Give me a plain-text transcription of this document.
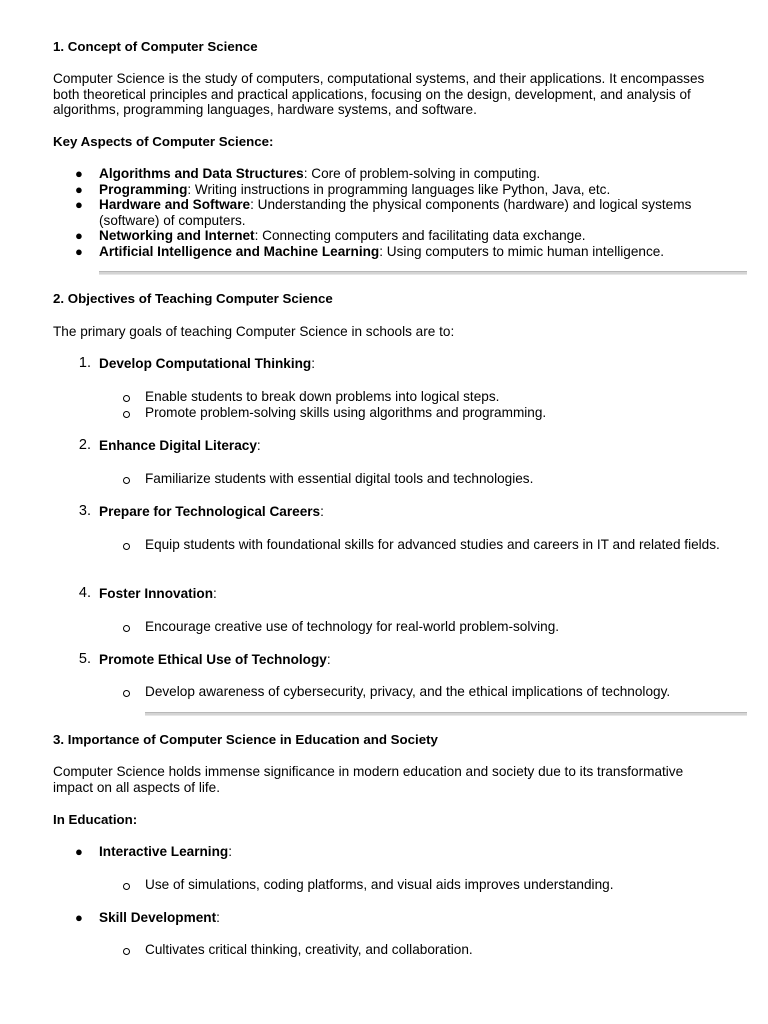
1. Concept of Computer Science
Computer Science is the study of computers, computational systems, and their applications. It encompasses both theoretical principles and practical applications, focusing on the design, development, and analysis of algorithms, programming languages, hardware systems, and software.
Key Aspects of Computer Science:
● Algorithms and Data Structures: Core of problem-solving in computing.
● Programming: Writing instructions in programming languages like Python, Java, etc.
● Hardware and Software: Understanding the physical components (hardware) and logical systems (software) of computers.
● Networking and Internet: Connecting computers and facilitating data exchange.
● Artificial Intelligence and Machine Learning: Using computers to mimic human intelligence.
2. Objectives of Teaching Computer Science
The primary goals of teaching Computer Science in schools are to:
1. Develop Computational Thinking:
Enable students to break down problems into logical steps.
Promote problem-solving skills using algorithms and programming.
2. Enhance Digital Literacy:
Familiarize students with essential digital tools and technologies.
3. Prepare for Technological Careers:
Equip students with foundational skills for advanced studies and careers in IT and related fields.
4. Foster Innovation:
Encourage creative use of technology for real-world problem-solving.
5. Promote Ethical Use of Technology:
Develop awareness of cybersecurity, privacy, and the ethical implications of technology.
3. Importance of Computer Science in Education and Society
Computer Science holds immense significance in modern education and society due to its transformative impact on all aspects of life.
In Education:
● Interactive Learning:
Use of simulations, coding platforms, and visual aids improves understanding.
● Skill Development:
Cultivates critical thinking, creativity, and collaboration.
